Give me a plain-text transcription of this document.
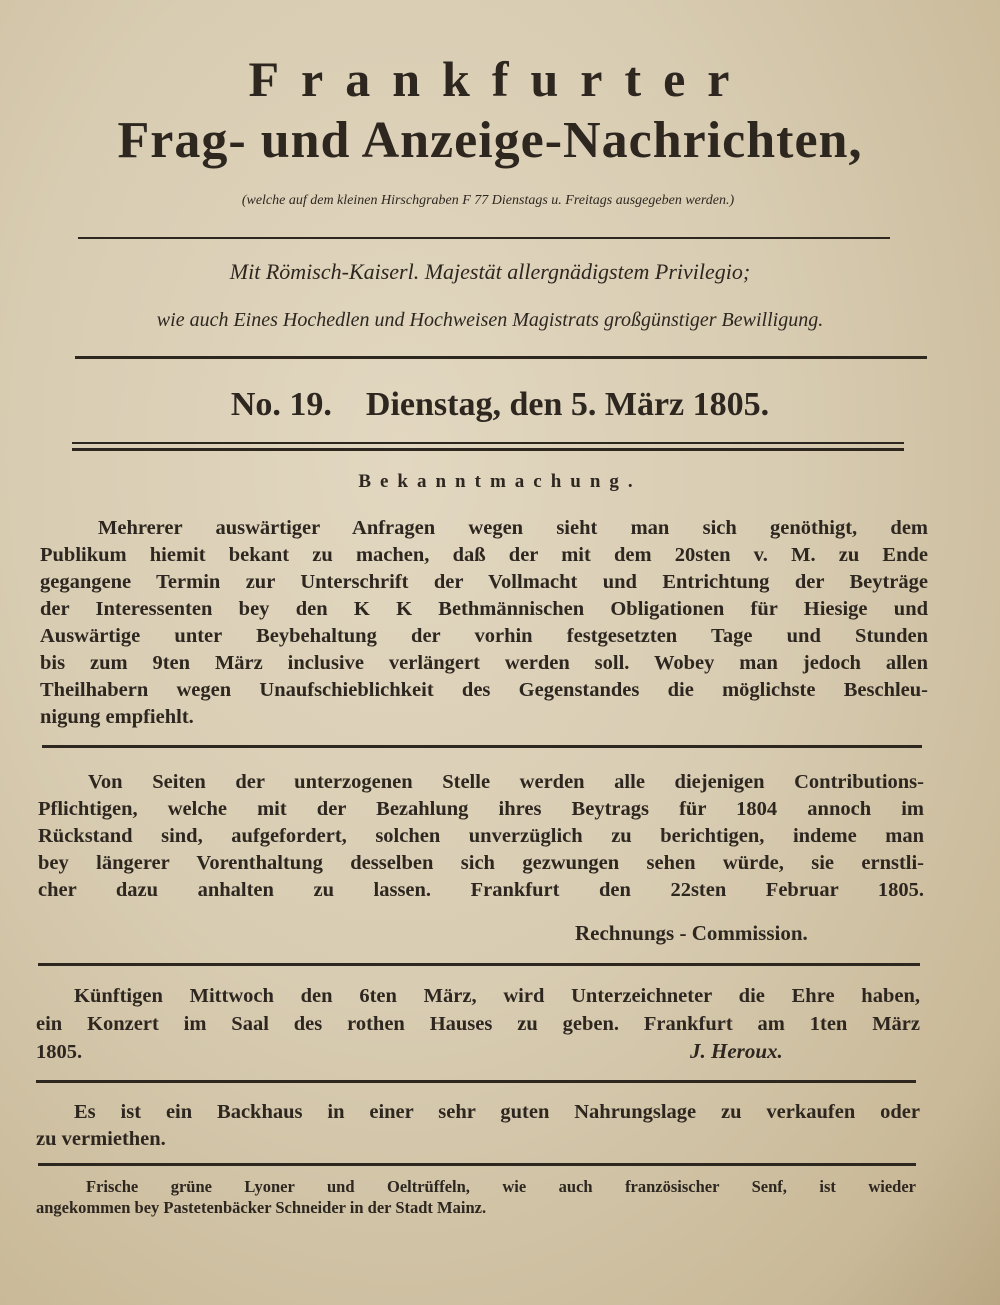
Frankfurter
Frag- und Anzeige-Nachrichten,
(welche auf dem kleinen Hirschgraben F 77 Dienstags u. Freitags ausgegeben werden.)
Mit Römisch-Kaiserl. Majestät allergnädigstem Privilegio;
wie auch Eines Hochedlen und Hochweisen Magistrats großgünstiger Bewilligung.
No. 19. Dienstag, den 5. März 1805.
Bekanntmachung.
Mehrerer auswärtiger Anfragen wegen sieht man sich genöthigt, dem
Publikum hiemit bekant zu machen, daß der mit dem 20sten v. M. zu Ende
gegangene Termin zur Unterschrift der Vollmacht und Entrichtung der Beyträge
der Interessenten bey den K K Bethmännischen Obligationen für Hiesige und
Auswärtige unter Beybehaltung der vorhin festgesetzten Tage und Stunden
bis zum 9ten März inclusive verlängert werden soll. Wobey man jedoch allen
Theilhabern wegen Unaufschieblichkeit des Gegenstandes die möglichste Beschleu-
nigung empfiehlt.
Von Seiten der unterzogenen Stelle werden alle diejenigen Contributions-
Pflichtigen, welche mit der Bezahlung ihres Beytrags für 1804 annoch im
Rückstand sind, aufgefordert, solchen unverzüglich zu berichtigen, indeme man
bey längerer Vorenthaltung desselben sich gezwungen sehen würde, sie ernstli-
cher dazu anhalten zu lassen. Frankfurt den 22sten Februar 1805.
Rechnungs - Commission.
Künftigen Mittwoch den 6ten März, wird Unterzeichneter die Ehre haben,
ein Konzert im Saal des rothen Hauses zu geben. Frankfurt am 1ten März
1805.	J. Heroux.
Es ist ein Backhaus in einer sehr guten Nahrungslage zu verkaufen oder
zu vermiethen.
Frische grüne Lyoner und Oeltrüffeln, wie auch französischer Senf, ist wieder
angekommen bey Pastetenbäcker Schneider in der Stadt Mainz.
